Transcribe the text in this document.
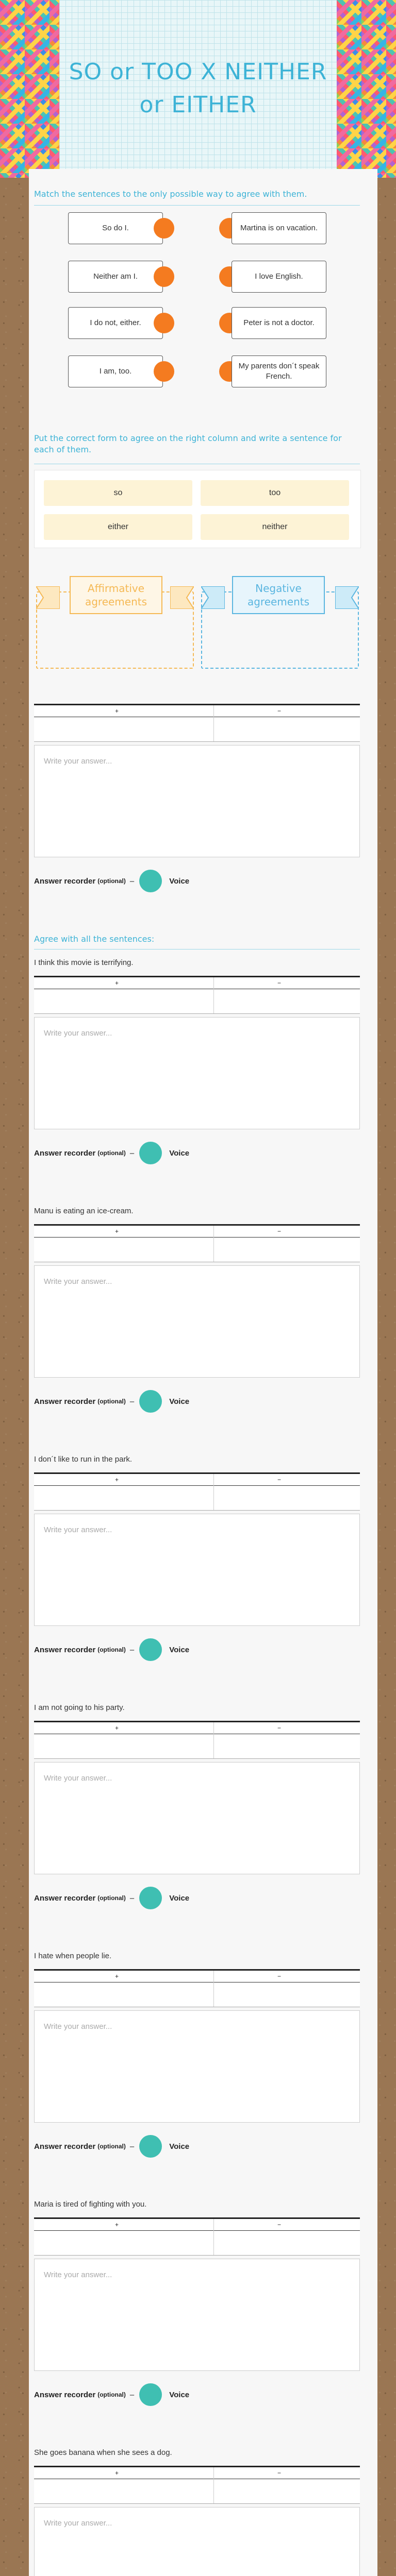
SO or TOO X NEITHER or EITHER
Match the sentences to the only possible way to agree with them.
So do I.	Martina is on vacation.
Neither am I.	I love English.
I do not, either.	Peter is not a doctor.
I am, too.
My parents don´t speak French.
Put the correct form to agree on the right column and write a sentence for each of them.
so	too
either	neither
Affirmative agreements
Negative agreements
+	−
Write your answer...
Answer recorder (optional) –	Voice
Agree with all the sentences:
I think this movie is terrifying.
+	−
Write your answer...
Answer recorder (optional) –	Voice
Manu is eating an ice-cream.
+	−
Write your answer...
Answer recorder (optional) –	Voice
I don´t like to run in the park.
+	−
Write your answer...
Answer recorder (optional) –	Voice
I am not going to his party.
+	−
Write your answer...
Answer recorder (optional) –	Voice
I hate when people lie.
+	−
Write your answer...
Answer recorder (optional) –	Voice
Maria is tired of fighting with you.
+	−
Write your answer...
Answer recorder (optional) –	Voice
She goes banana when she sees a dog.
+	−
Write your answer...
